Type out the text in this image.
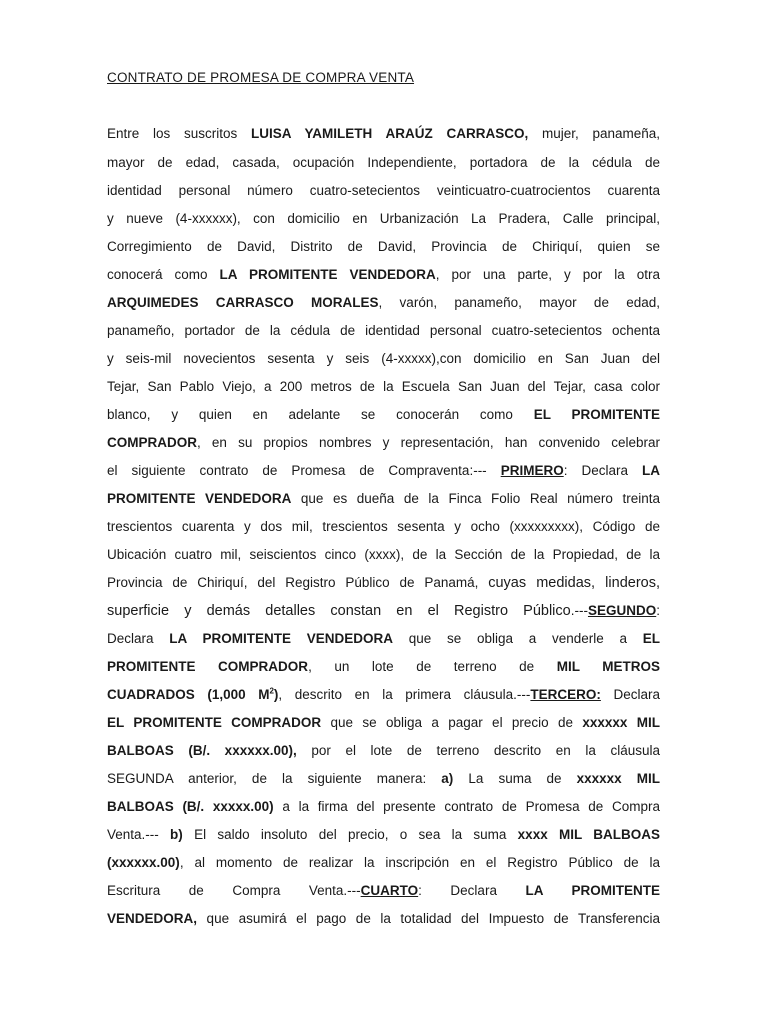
CONTRATO DE PROMESA DE COMPRA VENTA
Entre los suscritos LUISA YAMILETH ARAÚZ CARRASCO, mujer, panameña,
mayor de edad, casada, ocupación Independiente, portadora de la cédula de
identidad personal número cuatro-setecientos veinticuatro-cuatrocientos cuarenta
y nueve (4-xxxxxx), con domicilio en Urbanización La Pradera, Calle principal,
Corregimiento de David, Distrito de David, Provincia de Chiriquí, quien se
conocerá como LA PROMITENTE VENDEDORA, por una parte, y por la otra
ARQUIMEDES CARRASCO MORALES, varón, panameño, mayor de edad,
panameño, portador de la cédula de identidad personal cuatro-setecientos ochenta
y seis-mil novecientos sesenta y seis (4-xxxxx),con domicilio en San Juan del
Tejar, San Pablo Viejo, a 200 metros de la Escuela San Juan del Tejar, casa color
blanco, y quien en adelante se conocerán como EL PROMITENTE
COMPRADOR, en su propios nombres y representación, han convenido celebrar
el siguiente contrato de Promesa de Compraventa:--- PRIMERO: Declara LA
PROMITENTE VENDEDORA que es dueña de la Finca Folio Real número treinta
trescientos cuarenta y dos mil, trescientos sesenta y ocho (xxxxxxxxx), Código de
Ubicación cuatro mil, seiscientos cinco (xxxx), de la Sección de la Propiedad, de la
Provincia de Chiriquí, del Registro Público de Panamá, cuyas medidas, linderos,
superficie y demás detalles constan en el Registro Público.---SEGUNDO:
Declara LA PROMITENTE VENDEDORA que se obliga a venderle a EL
PROMITENTE COMPRADOR, un lote de terreno de MIL METROS
CUADRADOS (1,000 $M^2$), descrito en la primera cláusula.---TERCERO: Declara
EL PROMITENTE COMPRADOR que se obliga a pagar el precio de xxxxxx MIL
BALBOAS (B/. xxxxxx.00), por el lote de terreno descrito en la cláusula
SEGUNDA anterior, de la siguiente manera: a) La suma de xxxxxx MIL
BALBOAS (B/. xxxxx.00) a la firma del presente contrato de Promesa de Compra
Venta.--- b) El saldo insoluto del precio, o sea la suma xxxx MIL BALBOAS
(xxxxxx.00), al momento de realizar la inscripción en el Registro Público de la
Escritura de Compra Venta.---CUARTO: Declara LA PROMITENTE
VENDEDORA, que asumirá el pago de la totalidad del Impuesto de Transferencia
